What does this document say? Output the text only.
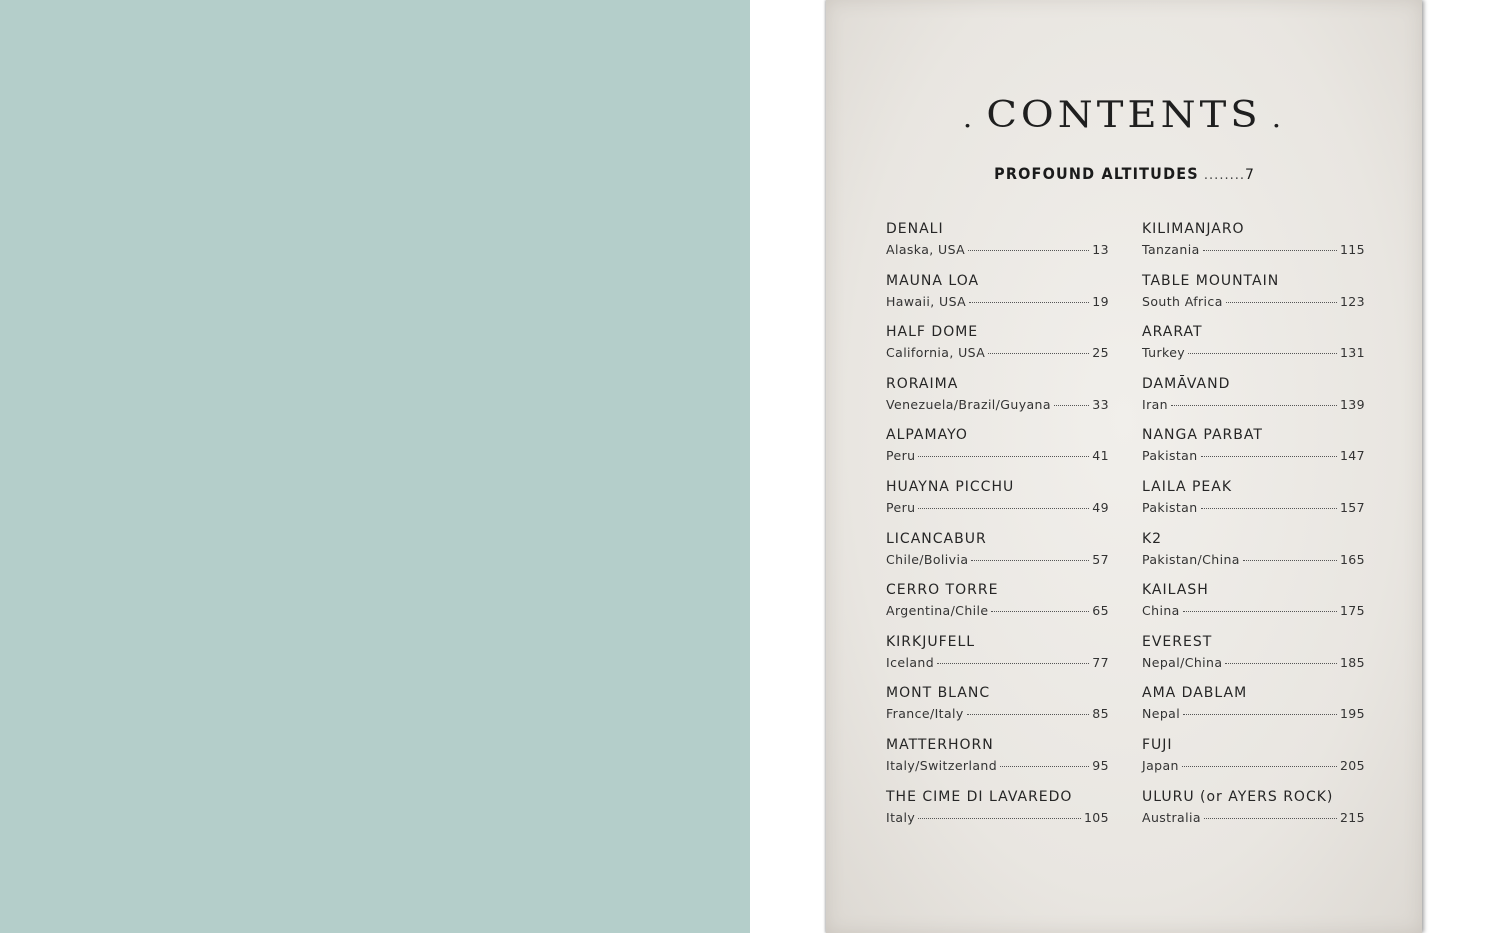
. CONTENTS .
PROFOUND ALTITUDES ........7
DENALI
Alaska, USA	13
MAUNA LOA
Hawaii, USA	19
HALF DOME
California, USA	25
RORAIMA
Venezuela/Brazil/Guyana	33
ALPAMAYO
Peru	41
HUAYNA PICCHU
Peru	49
LICANCABUR
Chile/Bolivia	57
CERRO TORRE
Argentina/Chile	65
KIRKJUFELL
Iceland	77
MONT BLANC
France/Italy	85
MATTERHORN
Italy/Switzerland	95
THE CIME DI LAVAREDO
Italy	105
KILIMANJARO
Tanzania	115
TABLE MOUNTAIN
South Africa	123
ARARAT
Turkey	131
DAMĀVAND
Iran	139
NANGA PARBAT
Pakistan	147
LAILA PEAK
Pakistan	157
K2
Pakistan/China	165
KAILASH
China	175
EVEREST
Nepal/China	185
AMA DABLAM
Nepal	195
FUJI
Japan	205
ULURU (or AYERS ROCK)
Australia	215
